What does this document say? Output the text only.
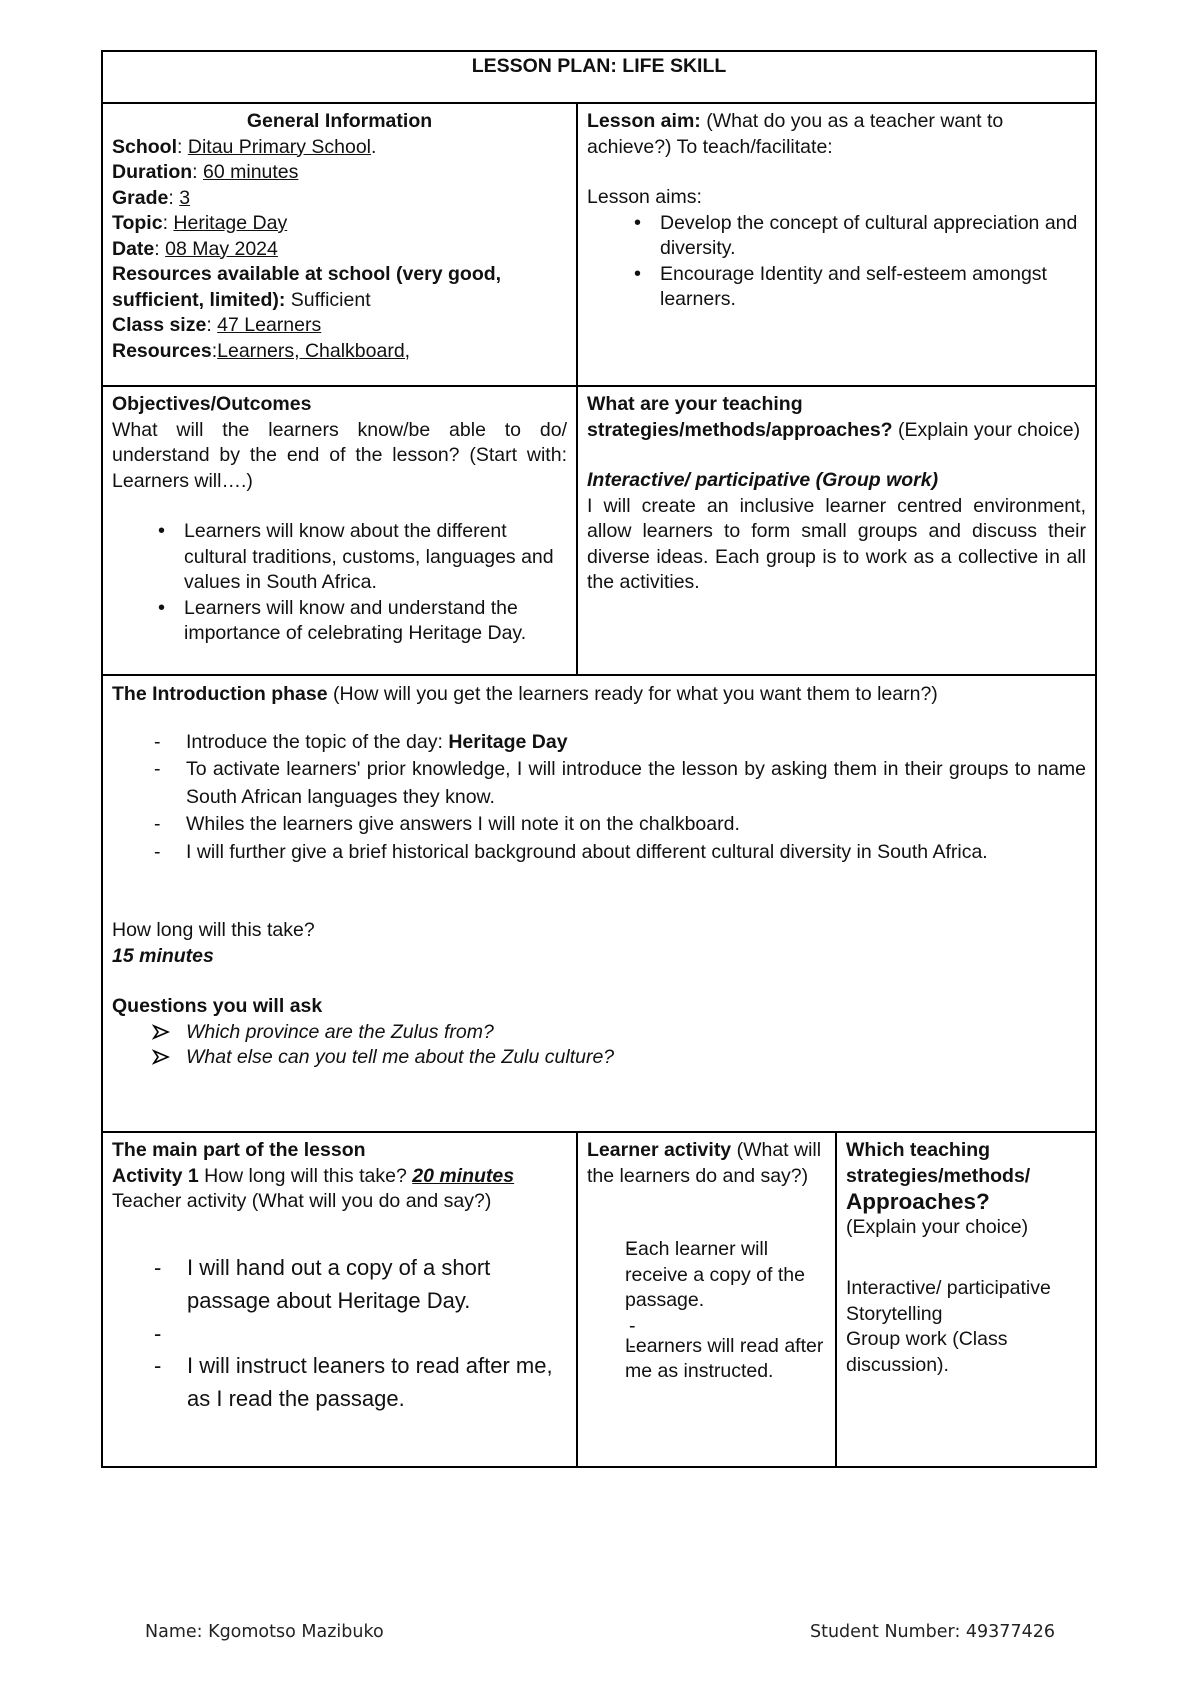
LESSON PLAN: LIFE SKILL
General Information
School: Ditau Primary School.
Duration: 60 minutes
Grade: 3
Topic: Heritage Day
Date: 08 May 2024
Resources available at school (very good, sufficient, limited): Sufficient
Class size: 47 Learners
Resources:Learners, Chalkboard,
Lesson aim: (What do you as a teacher want to achieve?) To teach/facilitate:
Lesson aims:
• Develop the concept of cultural appreciation and diversity.
• Encourage Identity and self-esteem amongst learners.
Objectives/Outcomes
What will the learners know/be able to do/ understand by the end of the lesson? (Start with: Learners will….)
• Learners will know about the different cultural traditions, customs, languages and values in South Africa.
• Learners will know and understand the importance of celebrating Heritage Day.
What are your teaching strategies/methods/approaches? (Explain your choice)
Interactive/ participative (Group work)
I will create an inclusive learner centred environment, allow learners to form small groups and discuss their diverse ideas. Each group is to work as a collective in all the activities.
The Introduction phase (How will you get the learners ready for what you want them to learn?)
- Introduce the topic of the day: Heritage Day
- To activate learners' prior knowledge, I will introduce the lesson by asking them in their groups to name South African languages they know.
- Whiles the learners give answers I will note it on the chalkboard.
- I will further give a brief historical background about different cultural diversity in South Africa.
How long will this take?
15 minutes
Questions you will ask
Which province are the Zulus from?
What else can you tell me about the Zulu culture?
The main part of the lesson
Activity 1 How long will this take? 20 minutes
Teacher activity (What will you do and say?)
- I will hand out a copy of a short passage about Heritage Day.
-
- I will instruct leaners to read after me, as I read the passage.
Learner activity (What will the learners do and say?)
- Each learner will receive a copy of the passage.
-
- Learners will read after me as instructed.
Which teaching strategies/methods/
Approaches?
(Explain your choice)
Interactive/ participative
Storytelling
Group work (Class discussion).
Name: Kgomotso Mazibuko	Student Number: 49377426
